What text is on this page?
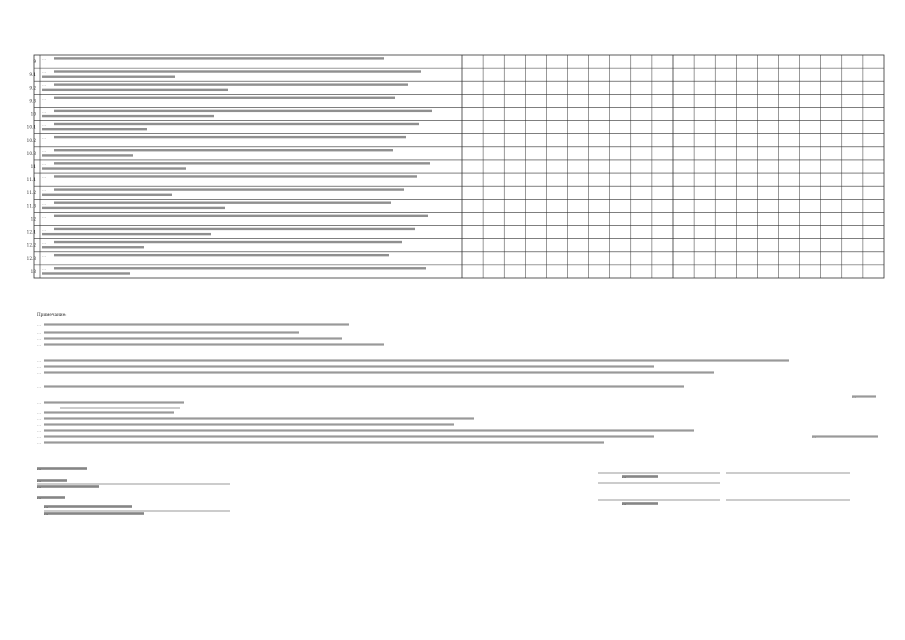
9
…
9.1
…
9.2
…
9.3
…
10
…
10.1
…
10.2
…
10.3
…
11
…
11.1
…
11.2
…
11.3
…
12
…
12.1
…
12.2
…
12.3
…
13
…
Примечание:
…
…
…
…
…
…
…
…
…
…
…
…
…
…
…
